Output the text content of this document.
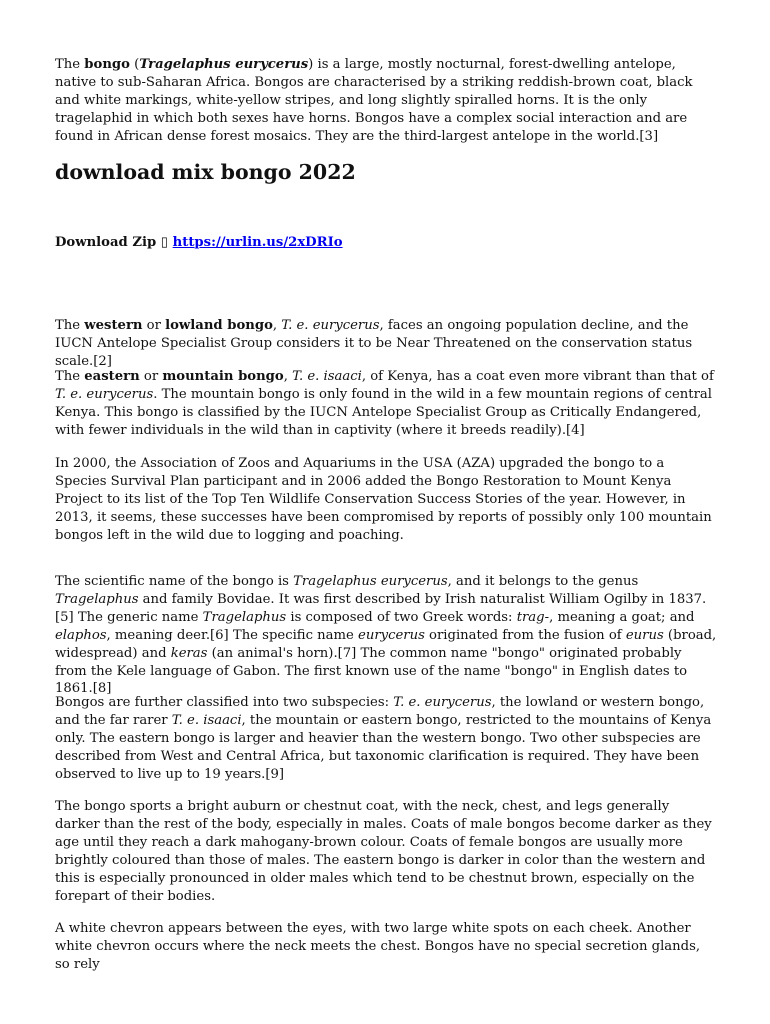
The bongo (Tragelaphus eurycerus) is a large, mostly nocturnal, forest-dwelling antelope, native to sub-Saharan Africa. Bongos are characterised by a striking reddish-brown coat, black and white markings, white-yellow stripes, and long slightly spiralled horns. It is the only tragelaphid in which both sexes have horns. Bongos have a complex social interaction and are found in African dense forest mosaics. They are the third-largest antelope in the world.[3]

download mix bongo 2022
Download Zip ▯ https://urlin.us/2xDRIo

The western or lowland bongo, T. e. eurycerus, faces an ongoing population decline, and the IUCN Antelope Specialist Group considers it to be Near Threatened on the conservation status scale.[2]

The eastern or mountain bongo, T. e. isaaci, of Kenya, has a coat even more vibrant than that of T. e. eurycerus. The mountain bongo is only found in the wild in a few mountain regions of central Kenya. This bongo is classified by the IUCN Antelope Specialist Group as Critically Endangered, with fewer individuals in the wild than in captivity (where it breeds readily).[4]

In 2000, the Association of Zoos and Aquariums in the USA (AZA) upgraded the bongo to a Species Survival Plan participant and in 2006 added the Bongo Restoration to Mount Kenya Project to its list of the Top Ten Wildlife Conservation Success Stories of the year. However, in 2013, it seems, these successes have been compromised by reports of possibly only 100 mountain bongos left in the wild due to logging and poaching.

The scientific name of the bongo is Tragelaphus eurycerus, and it belongs to the genus Tragelaphus and family Bovidae. It was first described by Irish naturalist William Ogilby in 1837.[5] The generic name Tragelaphus is composed of two Greek words: trag-, meaning a goat; and elaphos, meaning deer.[6] The specific name eurycerus originated from the fusion of eurus (broad, widespread) and keras (an animal's horn).[7] The common name "bongo" originated probably from the Kele language of Gabon. The first known use of the name "bongo" in English dates to 1861.[8]

Bongos are further classified into two subspecies: T. e. eurycerus, the lowland or western bongo, and the far rarer T. e. isaaci, the mountain or eastern bongo, restricted to the mountains of Kenya only. The eastern bongo is larger and heavier than the western bongo. Two other subspecies are described from West and Central Africa, but taxonomic clarification is required. They have been observed to live up to 19 years.[9]

The bongo sports a bright auburn or chestnut coat, with the neck, chest, and legs generally darker than the rest of the body, especially in males. Coats of male bongos become darker as they age until they reach a dark mahogany-brown colour. Coats of female bongos are usually more brightly coloured than those of males. The eastern bongo is darker in color than the western and this is especially pronounced in older males which tend to be chestnut brown, especially on the forepart of their bodies.

A white chevron appears between the eyes, with two large white spots on each cheek. Another white chevron occurs where the neck meets the chest. Bongos have no special secretion glands, so rely
